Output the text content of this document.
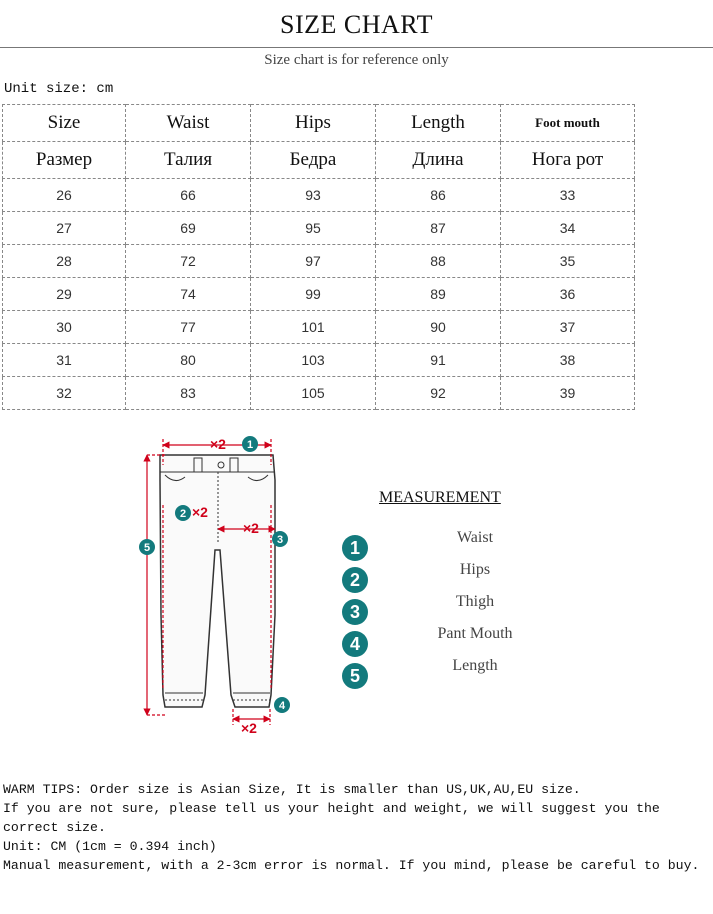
SIZE CHART
Size chart is for reference only
Unit size: cm
Size	Waist	Hips	Length	Foot mouth
Размер	Талия	Бедра	Длина	Нога рот
26	66	93	86	33
27	69	95	87	34
28	72	97	88	35
29	74	99	89	36
30	77	101	90	37
31	80	103	91	38
32	83	105	92	39
×2
×2
×2
×2
1
2
3
4
5
MEASUREMENT
1
Waist
2
Hips
3
Thigh
4
Pant Mouth
5
Length
WARM TIPS: Order size is Asian Size, It is smaller than US,UK,AU,EU size.
If you are not sure, please tell us your height and weight, we will suggest you the
correct size.
Unit: CM (1cm = 0.394 inch)
Manual measurement, with a 2-3cm error is normal. If you mind, please be careful to buy.
